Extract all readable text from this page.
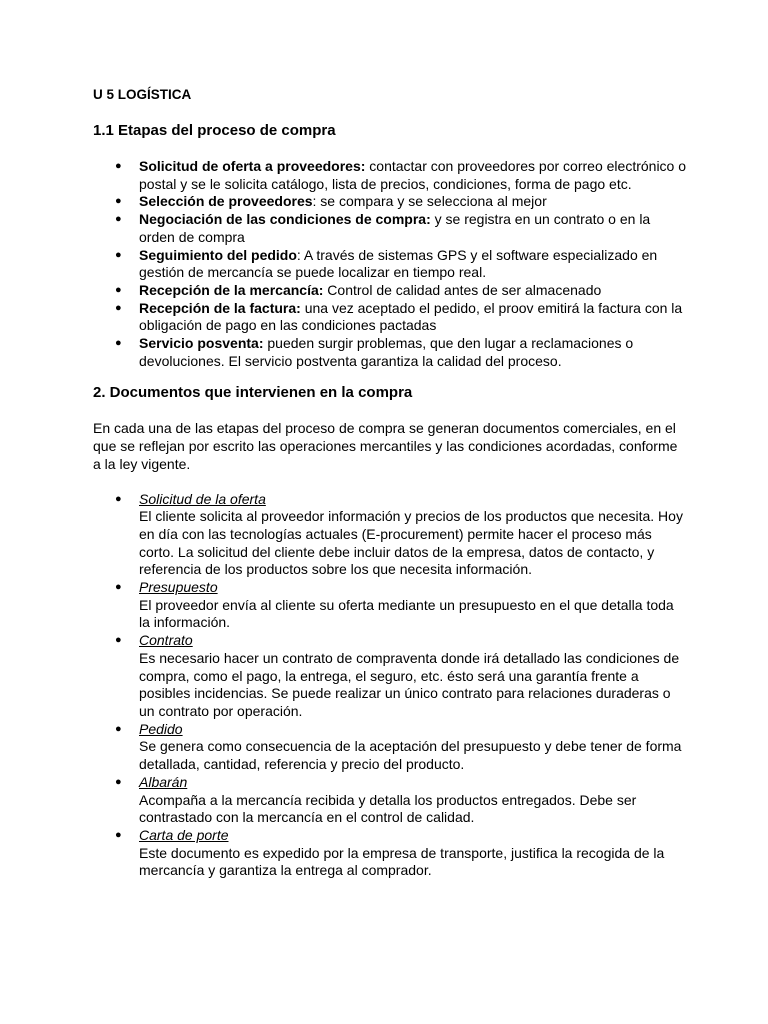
U 5 LOGÍSTICA
1.1 Etapas del proceso de compra
● Solicitud de oferta a proveedores: contactar con proveedores por correo electrónico o postal y se le solicita catálogo, lista de precios, condiciones, forma de pago etc.
● Selección de proveedores: se compara y se selecciona al mejor
● Negociación de las condiciones de compra: y se registra en un contrato o en la orden de compra
● Seguimiento del pedido: A través de sistemas GPS y el software especializado en gestión de mercancía se puede localizar en tiempo real.
● Recepción de la mercancía: Control de calidad antes de ser almacenado
● Recepción de la factura: una vez aceptado el pedido, el proov emitirá la factura con la obligación de pago en las condiciones pactadas
● Servicio posventa: pueden surgir problemas, que den lugar a reclamaciones o devoluciones. El servicio postventa garantiza la calidad del proceso.
2. Documentos que intervienen en la compra

En cada una de las etapas del proceso de compra se generan documentos comerciales, en el que se reflejan por escrito las operaciones mercantiles y las condiciones acordadas, conforme a la ley vigente.

● Solicitud de la oferta
El cliente solicita al proveedor información y precios de los productos que necesita. Hoy en día con las tecnologías actuales (E-procurement) permite hacer el proceso más corto. La solicitud del cliente debe incluir datos de la empresa, datos de contacto, y referencia de los productos sobre los que necesita información.
● Presupuesto
El proveedor envía al cliente su oferta mediante un presupuesto en el que detalla toda la información.
● Contrato
Es necesario hacer un contrato de compraventa donde irá detallado las condiciones de compra, como el pago, la entrega, el seguro, etc. ésto será una garantía frente a posibles incidencias. Se puede realizar un único contrato para relaciones duraderas o un contrato por operación.
● Pedido
Se genera como consecuencia de la aceptación del presupuesto y debe tener de forma detallada, cantidad, referencia y precio del producto.
● Albarán
Acompaña a la mercancía recibida y detalla los productos entregados. Debe ser contrastado con la mercancía en el control de calidad.
● Carta de porte
Este documento es expedido por la empresa de transporte, justifica la recogida de la mercancía y garantiza la entrega al comprador.
